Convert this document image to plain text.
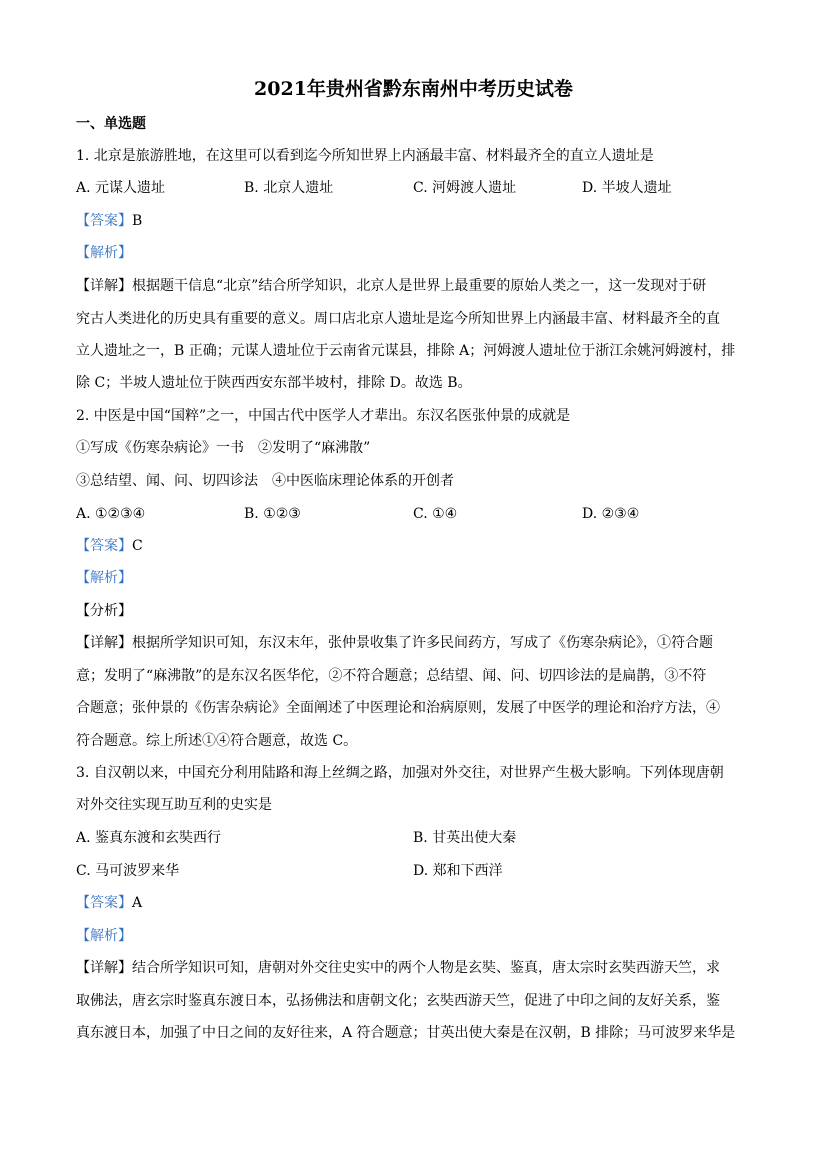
2021年贵州省黔东南州中考历史试卷
一、单选题
1. 北京是旅游胜地，在这里可以看到迄今所知世界上内涵最丰富、材料最齐全的直立人遗址是
A. 元谋人遗址	B. 北京人遗址	C. 河姆渡人遗址	D. 半坡人遗址
【答案】B
【解析】
【详解】根据题干信息“北京”结合所学知识，北京人是世界上最重要的原始人类之一，这一发现对于研
究古人类进化的历史具有重要的意义。周口店北京人遗址是迄今所知世界上内涵最丰富、材料最齐全的直
立人遗址之一，B 正确；元谋人遗址位于云南省元谋县，排除 A；河姆渡人遗址位于浙江余姚河姆渡村，排
除 C；半坡人遗址位于陕西西安东部半坡村，排除 D。故选 B。
2. 中医是中国“国粹”之一，中国古代中医学人才辈出。东汉名医张仲景的成就是
①写成《伤寒杂病论》一书　②发明了“麻沸散”
③总结望、闻、问、切四诊法　④中医临床理论体系的开创者
A. ①②③④	B. ①②③	C. ①④	D. ②③④
【答案】C
【解析】
【分析】
【详解】根据所学知识可知，东汉末年，张仲景收集了许多民间药方，写成了《伤寒杂病论》，①符合题
意；发明了“麻沸散”的是东汉名医华佗，②不符合题意；总结望、闻、问、切四诊法的是扁鹊，③不符
合题意；张仲景的《伤害杂病论》全面阐述了中医理论和治病原则，发展了中医学的理论和治疗方法，④
符合题意。综上所述①④符合题意，故选 C。
3. 自汉朝以来，中国充分利用陆路和海上丝绸之路，加强对外交往，对世界产生极大影响。下列体现唐朝
对外交往实现互助互利的史实是
A. 鉴真东渡和玄奘西行	B. 甘英出使大秦
C. 马可波罗来华	D. 郑和下西洋
【答案】A
【解析】
【详解】结合所学知识可知，唐朝对外交往史实中的两个人物是玄奘、鉴真，唐太宗时玄奘西游天竺，求
取佛法，唐玄宗时鉴真东渡日本，弘扬佛法和唐朝文化；玄奘西游天竺，促进了中印之间的友好关系，鉴
真东渡日本，加强了中日之间的友好往来，A 符合题意；甘英出使大秦是在汉朝，B 排除；马可波罗来华是
